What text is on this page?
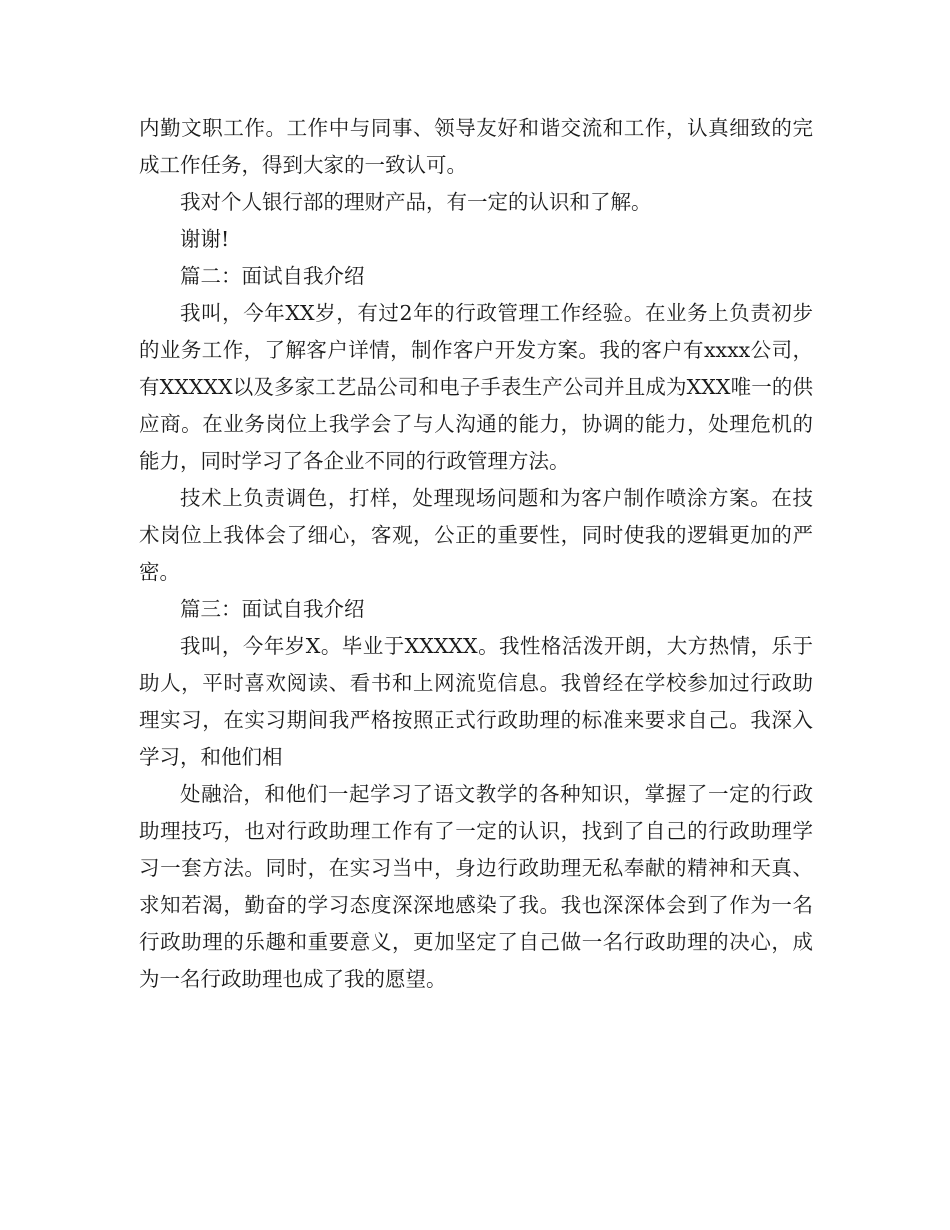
内勤文职工作。工作中与同事、领导友好和谐交流和工作，认真细致的完成工作任务，得到大家的一致认可。

我对个人银行部的理财产品，有一定的认识和了解。

谢谢!

篇二：面试自我介绍

我叫，今年XX岁，有过2年的行政管理工作经验。在业务上负责初步的业务工作，了解客户详情，制作客户开发方案。我的客户有xxxx公司，有XXXXX以及多家工艺品公司和电子手表生产公司并且成为XXX唯一的供应商。在业务岗位上我学会了与人沟通的能力，协调的能力，处理危机的能力，同时学习了各企业不同的行政管理方法。

技术上负责调色，打样，处理现场问题和为客户制作喷涂方案。在技术岗位上我体会了细心，客观，公正的重要性，同时使我的逻辑更加的严密。

篇三：面试自我介绍

我叫，今年岁X。毕业于XXXXX。我性格活泼开朗，大方热情，乐于助人，平时喜欢阅读、看书和上网流览信息。我曾经在学校参加过行政助理实习，在实习期间我严格按照正式行政助理的标准来要求自己。我深入学习，和他们相

处融洽，和他们一起学习了语文教学的各种知识，掌握了一定的行政助理技巧，也对行政助理工作有了一定的认识，找到了自己的行政助理学习一套方法。同时，在实习当中，身边行政助理无私奉献的精神和天真、求知若渴，勤奋的学习态度深深地感染了我。我也深深体会到了作为一名行政助理的乐趣和重要意义，更加坚定了自己做一名行政助理的决心，成为一名行政助理也成了我的愿望。
